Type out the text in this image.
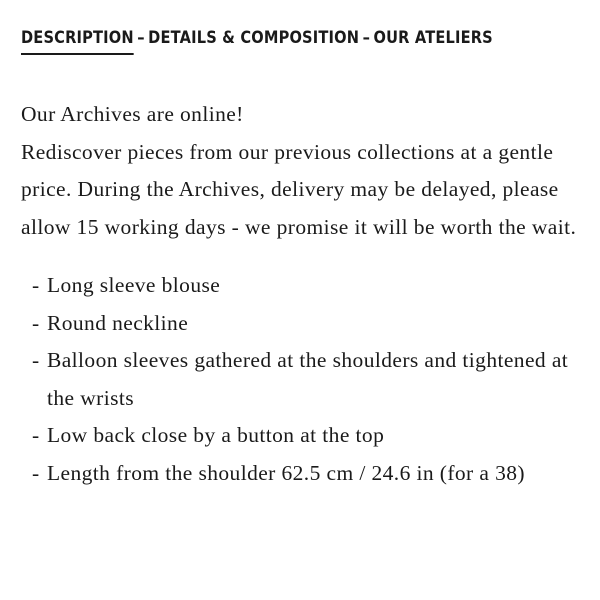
DESCRIPTION – DETAILS & COMPOSITION – OUR ATELIERS

Our Archives are online!

Rediscover pieces from our previous collections at a gentle price. During the Archives, delivery may be delayed, please allow 15 working days - we promise it will be worth the wait.

- Long sleeve blouse
- Round neckline
- Balloon sleeves gathered at the shoulders and tightened at the wrists
- Low back close by a button at the top
- Length from the shoulder 62.5 cm / 24.6 in (for a 38)
